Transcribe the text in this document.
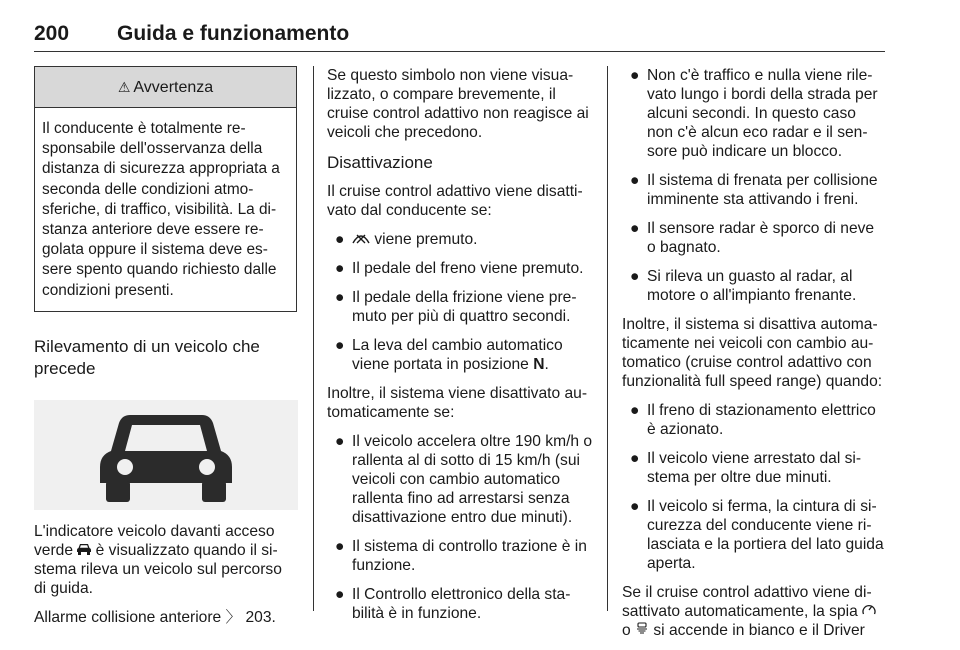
200 Guida e funzionamento
⚠ Avvertenza
Il conducente è totalmente responsabile dell'osservanza della distanza di sicurezza appropriata a seconda delle condizioni atmosferiche, di traffico, visibilità. La distanza anteriore deve essere regolata oppure il sistema deve essere spento quando richiesto dalle condizioni presenti.
Rilevamento di un veicolo che precede

L'indicatore veicolo davanti acceso verde  è visualizzato quando il sistema rileva un veicolo sul percorso di guida.

Allarme collisione anteriore 〉 203.

Se questo simbolo non viene visualizzato, o compare brevemente, il cruise control adattivo non reagisce ai veicoli che precedono.

Disattivazione

Il cruise control adattivo viene disattivato dal conducente se:

● viene premuto.
● Il pedale del freno viene premuto.
● Il pedale della frizione viene premuto per più di quattro secondi.
● La leva del cambio automatico viene portata in posizione N.

Inoltre, il sistema viene disattivato automaticamente se:

● Il veicolo accelera oltre 190 km/h o rallenta al di sotto di 15 km/h (sui veicoli con cambio automatico rallenta fino ad arrestarsi senza disattivazione entro due minuti).
● Il sistema di controllo trazione è in funzione.
● Il Controllo elettronico della stabilità è in funzione.
● Non c'è traffico e nulla viene rilevato lungo i bordi della strada per alcuni secondi. In questo caso non c'è alcun eco radar e il sensore può indicare un blocco.
● Il sistema di frenata per collisione imminente sta attivando i freni.
● Il sensore radar è sporco di neve o bagnato.
● Si rileva un guasto al radar, al motore o all'impianto frenante.

Inoltre, il sistema si disattiva automaticamente nei veicoli con cambio automatico (cruise control adattivo con funzionalità full speed range) quando:

● Il freno di stazionamento elettrico è azionato.
● Il veicolo viene arrestato dal sistema per oltre due minuti.
● Il veicolo si ferma, la cintura di sicurezza del conducente viene rilasciata e la portiera del lato guida aperta.

Se il cruise control adattivo viene disattivato automaticamente, la spia  o  si accende in bianco e il Driver
